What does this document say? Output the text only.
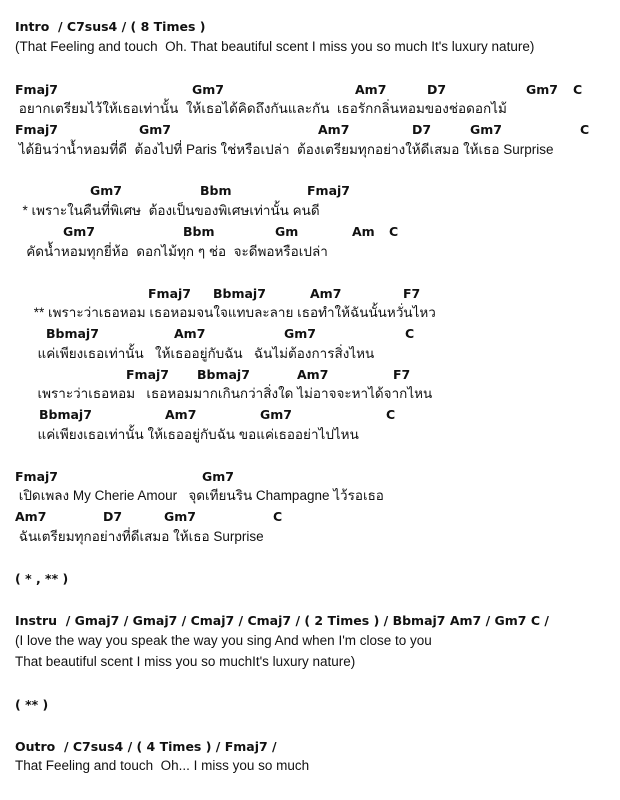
Intro  / C7sus4 / ( 8 Times )
(That Feeling and touch  Oh. That beautiful scent I miss you so much It's luxury nature)
Fmaj7	Gm7	Am7	D7	Gm7 C
อยากเตรียมไว้ให้เธอเท่านั้น  ให้เธอได้คิดถึงกันและกัน  เธอรักกลิ่นหอมของช่อดอกไม้
Fmaj7	Gm7	Am7	D7	Gm7	C
ได้ยินว่าน้ำหอมที่ดี  ต้องไปที่ Paris ใช่หรือเปล่า  ต้องเตรียมทุกอย่างให้ดีเสมอ ให้เธอ Surprise
Gm7	Bbm	Fmaj7
* เพราะในคืนที่พิเศษ  ต้องเป็นของพิเศษเท่านั้น คนดี
Gm7	Bbm	Gm	Am C
คัดน้ำหอมทุกยี่ห้อ  ดอกไม้ทุก ๆ ช่อ  จะดีพอหรือเปล่า
Fmaj7 Bbmaj7	Am7	F7
** เพราะว่าเธอหอม เธอหอมจนใจแทบละลาย เธอทำให้ฉันนั้นหวั่นไหว
Bbmaj7	Am7	Gm7	C
แค่เพียงเธอเท่านั้น   ให้เธออยู่กับฉัน   ฉันไม่ต้องการสิ่งไหน
Fmaj7 Bbmaj7	Am7	F7
เพราะว่าเธอหอม   เธอหอมมากเกินกว่าสิ่งใด ไม่อาจจะหาได้จากไหน
Bbmaj7	Am7	Gm7	C
แค่เพียงเธอเท่านั้น ให้เธออยู่กับฉัน ขอแค่เธออย่าไปไหน
Fmaj7	Gm7
เปิดเพลง My Cherie Amour   จุดเทียนริน Champagne ไว้รอเธอ
Am7	D7	Gm7	C
ฉันเตรียมทุกอย่างที่ดีเสมอ ให้เธอ Surprise
( * , ** )
Instru  / Gmaj7 / Gmaj7 / Cmaj7 / Cmaj7 / ( 2 Times ) / Bbmaj7 Am7 / Gm7 C /
(I love the way you speak the way you sing And when I'm close to you
That beautiful scent I miss you so muchIt's luxury nature)
( ** )
Outro  / C7sus4 / ( 4 Times ) / Fmaj7 /
That Feeling and touch  Oh... I miss you so much
